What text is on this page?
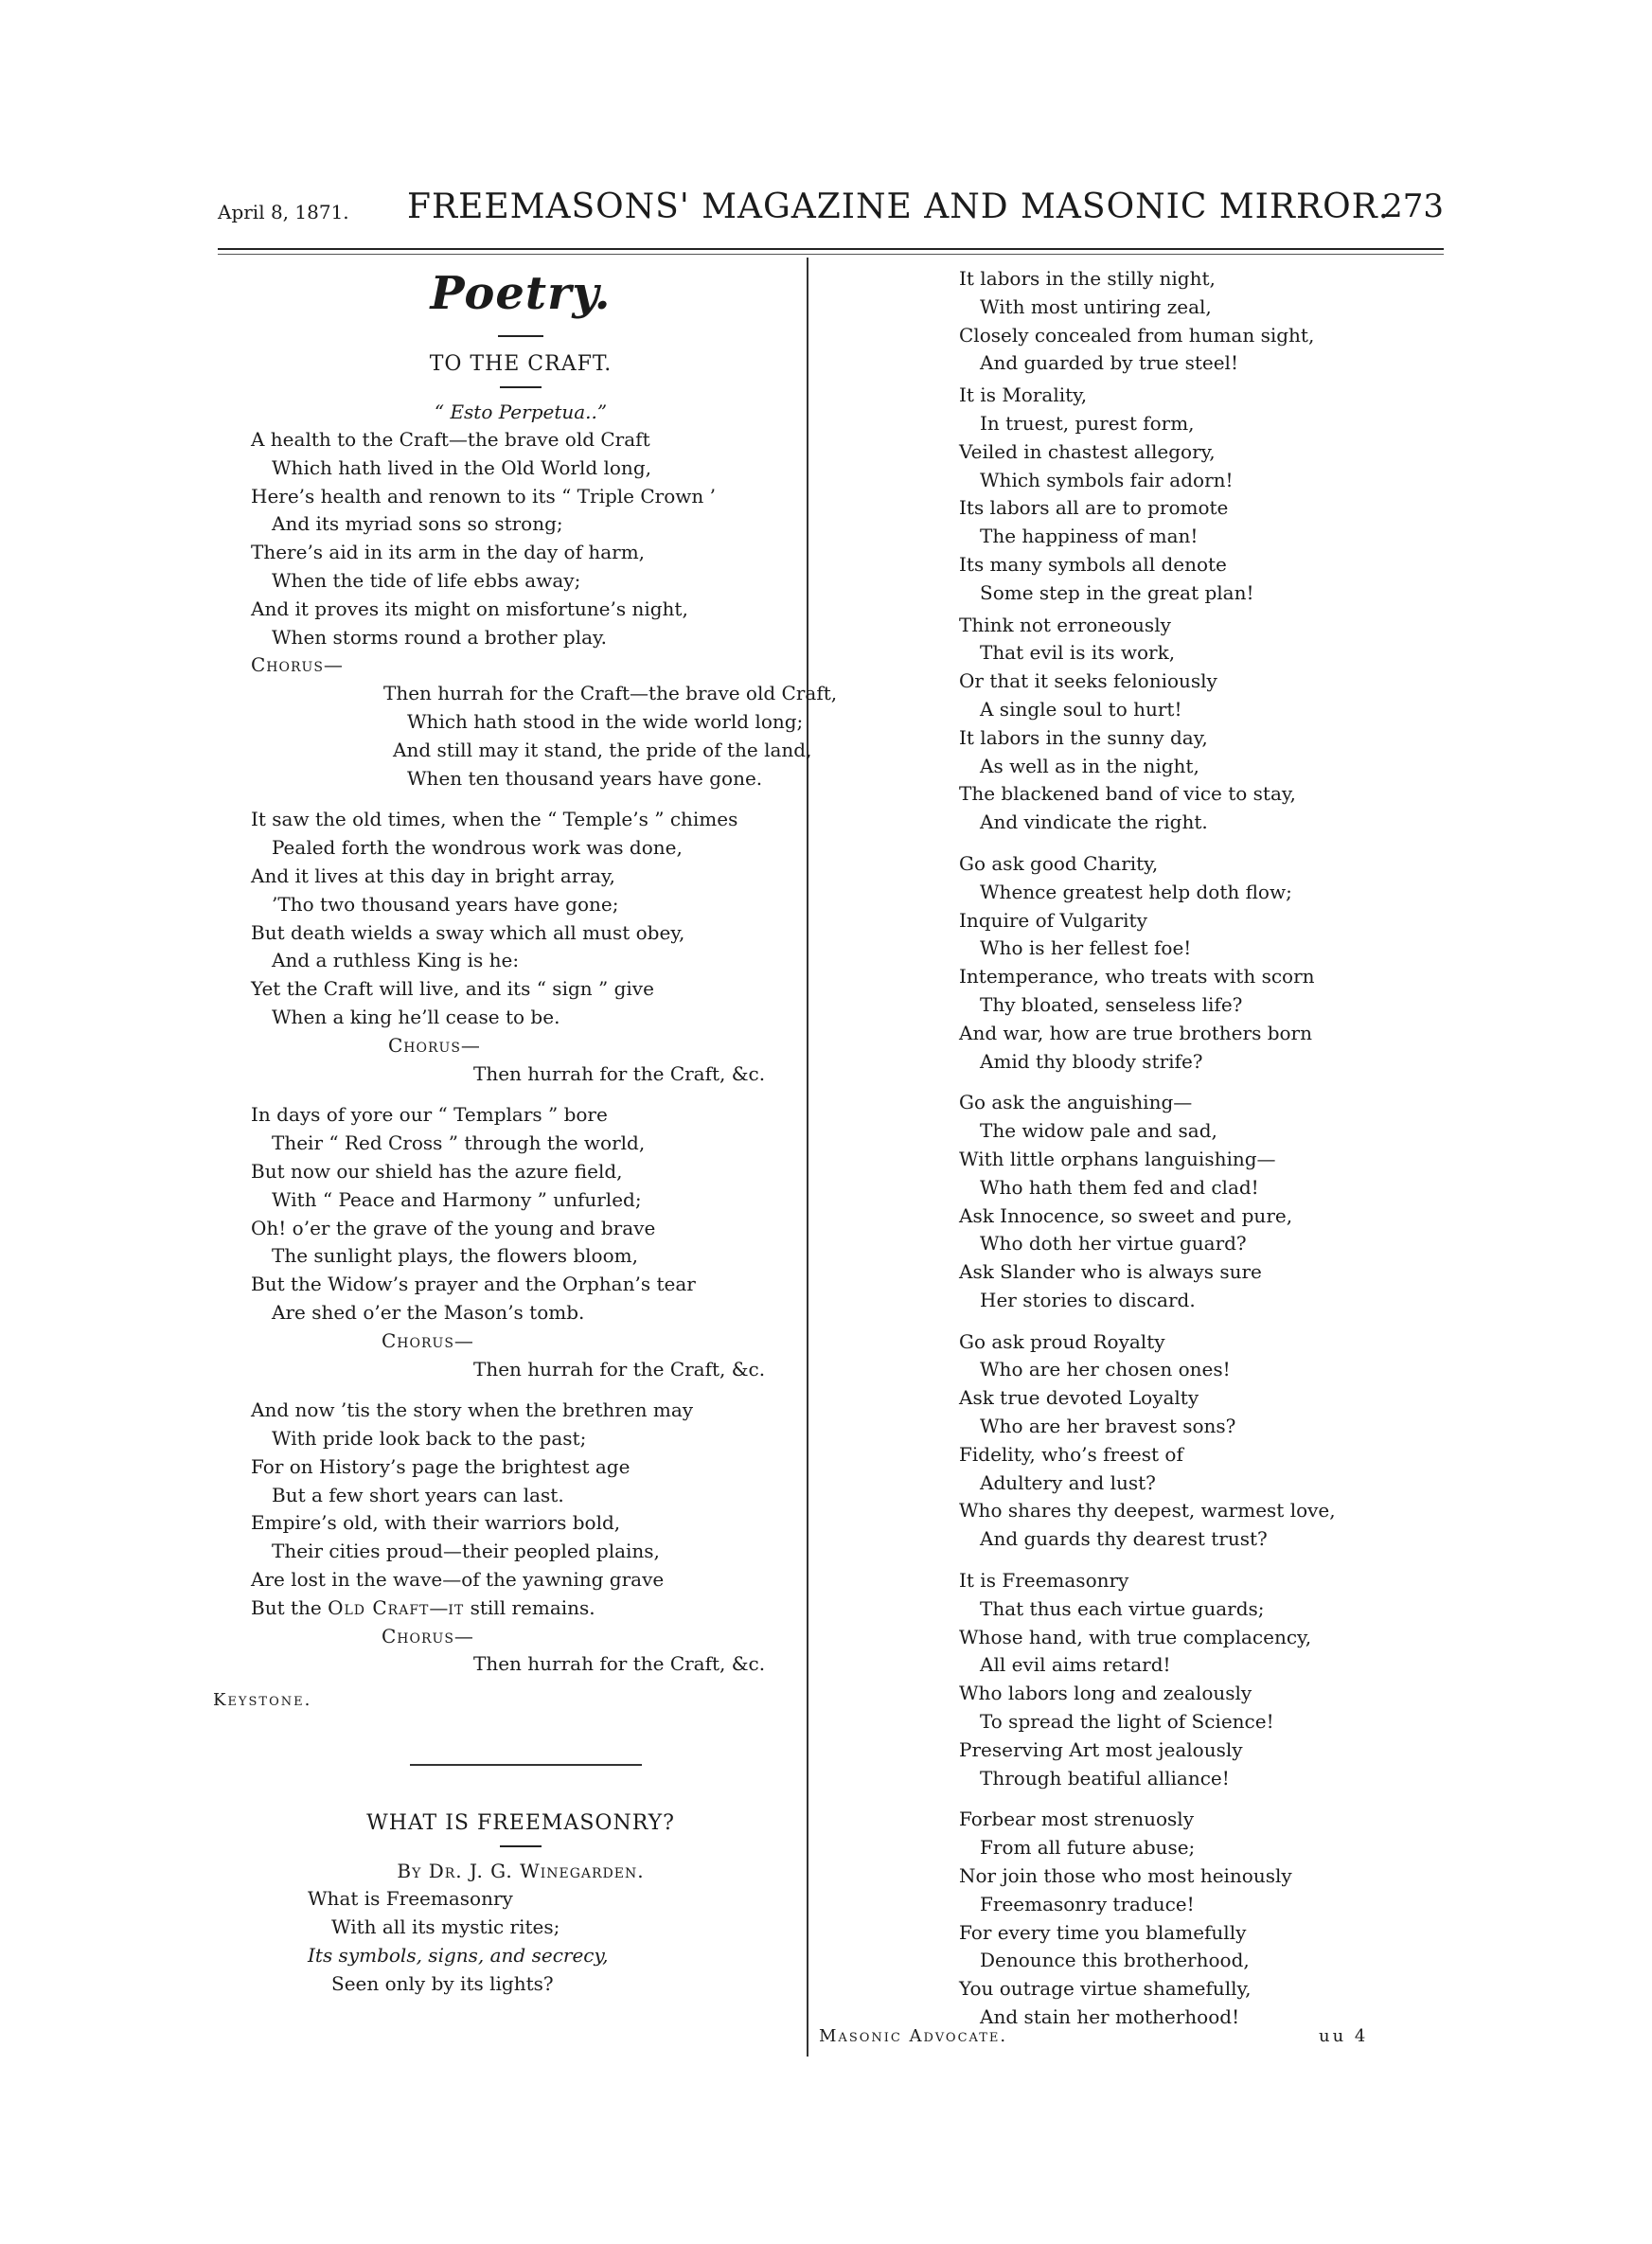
April 8, 1871. FREEMASONS' MAGAZINE AND MASONIC MIRROR.
273
Poetry.
TO THE CRAFT.
“ Esto Perpetua..”
A health to the Craft—the brave old Craft
Which hath lived in the Old World long,
Here’s health and renown to its “ Triple Crown ’
And its myriad sons so strong;
There’s aid in its arm in the day of harm,
When the tide of life ebbs away;
And it proves its might on misfortune’s night,
When storms round a brother play.
Chorus—
Then hurrah for the Craft—the brave old Craft,
Which hath stood in the wide world long;
And still may it stand, the pride of the land,
When ten thousand years have gone.
It saw the old times, when the “ Temple’s ” chimes
Pealed forth the wondrous work was done,
And it lives at this day in bright array,
’Tho two thousand years have gone;
But death wields a sway which all must obey,
And a ruthless King is he:
Yet the Craft will live, and its “ sign ” give
When a king he’ll cease to be.
Chorus—
Then hurrah for the Craft, &c.
In days of yore our “ Templars ” bore
Their “ Red Cross ” through the world,
But now our shield has the azure field,
With “ Peace and Harmony ” unfurled;
Oh! o’er the grave of the young and brave
The sunlight plays, the flowers bloom,
But the Widow’s prayer and the Orphan’s tear
Are shed o’er the Mason’s tomb.
Chorus—
Then hurrah for the Craft, &c.
And now ’tis the story when the brethren may
With pride look back to the past;
For on History’s page the brightest age
But a few short years can last.
Empire’s old, with their warriors bold,
Their cities proud—their peopled plains,
Are lost in the wave—of the yawning grave
But the Old Craft—it still remains.
Chorus—
Then hurrah for the Craft, &c.
Keystone.
WHAT IS FREEMASONRY?
By Dr. J. G. Winegarden.
What is Freemasonry
With all its mystic rites;
Its symbols, signs, and secrecy,
Seen only by its lights?
It labors in the stilly night,
With most untiring zeal,
Closely concealed from human sight,
And guarded by true steel!
It is Morality,
In truest, purest form,
Veiled in chastest allegory,
Which symbols fair adorn!
Its labors all are to promote
The happiness of man!
Its many symbols all denote
Some step in the great plan!
Think not erroneously
That evil is its work,
Or that it seeks feloniously
A single soul to hurt!
It labors in the sunny day,
As well as in the night,
The blackened band of vice to stay,
And vindicate the right.
Go ask good Charity,
Whence greatest help doth flow;
Inquire of Vulgarity
Who is her fellest foe!
Intemperance, who treats with scorn
Thy bloated, senseless life?
And war, how are true brothers born
Amid thy bloody strife?
Go ask the anguishing—
The widow pale and sad,
With little orphans languishing—
Who hath them fed and clad!
Ask Innocence, so sweet and pure,
Who doth her virtue guard?
Ask Slander who is always sure
Her stories to discard.
Go ask proud Royalty
Who are her chosen ones!
Ask true devoted Loyalty
Who are her bravest sons?
Fidelity, who’s freest of
Adultery and lust?
Who shares thy deepest, warmest love,
And guards thy dearest trust?
It is Freemasonry
That thus each virtue guards;
Whose hand, with true complacency,
All evil aims retard!
Who labors long and zealously
To spread the light of Science!
Preserving Art most jealously
Through beatiful alliance!
Forbear most strenuosly
From all future abuse;
Nor join those who most heinously
Freemasonry traduce!
For every time you blamefully
Denounce this brotherhood,
You outrage virtue shamefully,
And stain her motherhood!
Masonic Advocate.	uu 4
